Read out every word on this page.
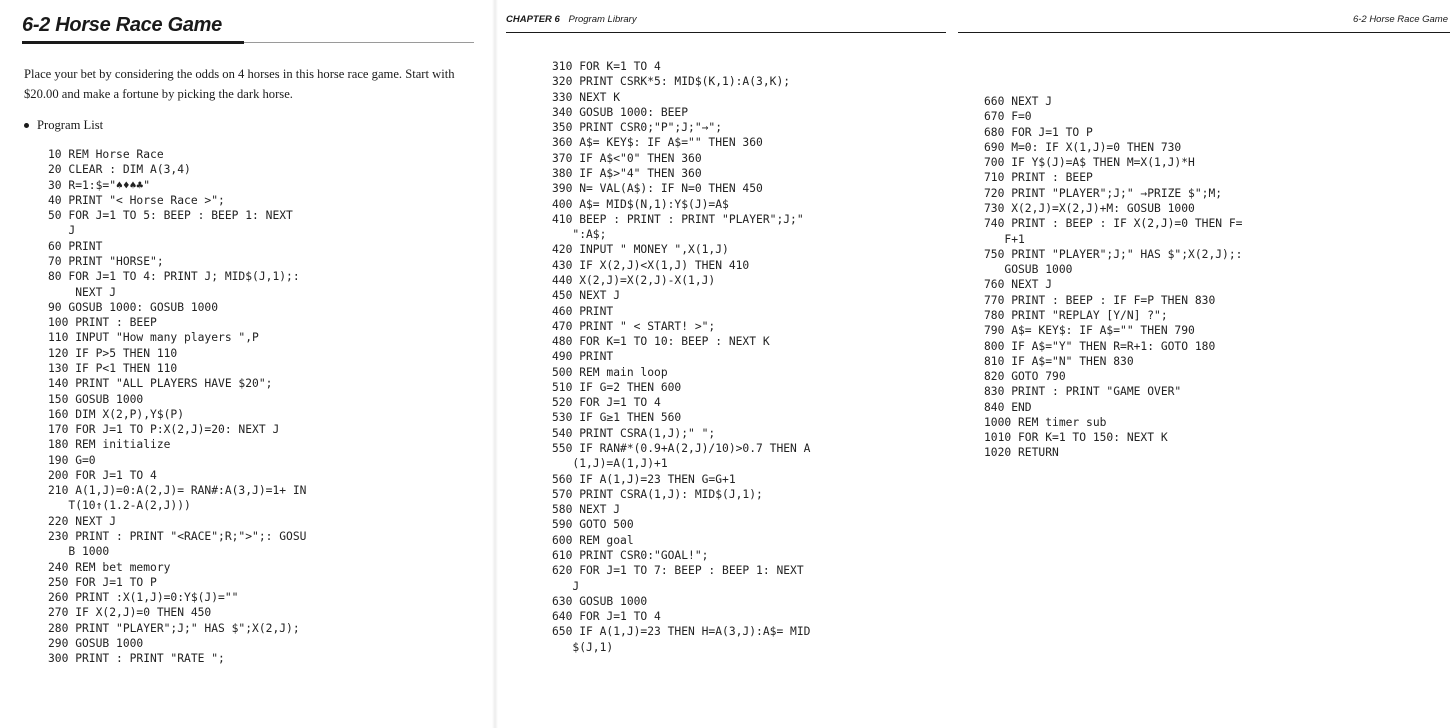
6-2 Horse Race Game

Place your bet by considering the odds on 4 horses in this horse race game. Start with $20.00 and make a fortune by picking the dark horse.

Program List
10 REM Horse Race
20 CLEAR : DIM A(3,4)
30 R=1:$="♠♦♠♣"
40 PRINT "< Horse Race >";
50 FOR J=1 TO 5: BEEP : BEEP 1: NEXT
J
60 PRINT
70 PRINT "HORSE";
80 FOR J=1 TO 4: PRINT J; MID$(J,1);:
NEXT J
90 GOSUB 1000: GOSUB 1000
100 PRINT : BEEP
110 INPUT "How many players ",P
120 IF P>5 THEN 110
130 IF P<1 THEN 110
140 PRINT "ALL PLAYERS HAVE $20";
150 GOSUB 1000
160 DIM X(2,P),Y$(P)
170 FOR J=1 TO P:X(2,J)=20: NEXT J
180 REM initialize
190 G=0
200 FOR J=1 TO 4
210 A(1,J)=0:A(2,J)= RAN#:A(3,J)=1+ IN
T(10↑(1.2-A(2,J)))
220 NEXT J
230 PRINT : PRINT "<RACE";R;">";: GOSU
B 1000
240 REM bet memory
250 FOR J=1 TO P
260 PRINT :X(1,J)=0:Y$(J)=""
270 IF X(2,J)=0 THEN 450
280 PRINT "PLAYER";J;" HAS $";X(2,J);
290 GOSUB 1000
300 PRINT : PRINT "RATE ";
CHAPTER 6 Program Library	6-2 Horse Race Game
310 FOR K=1 TO 4
320 PRINT CSRK*5: MID$(K,1):A(3,K);
330 NEXT K
340 GOSUB 1000: BEEP
350 PRINT CSR0;"P";J;"→";
360 A$= KEY$: IF A$="" THEN 360
370 IF A$<"0" THEN 360
380 IF A$>"4" THEN 360
390 N= VAL(A$): IF N=0 THEN 450
400 A$= MID$(N,1):Y$(J)=A$
410 BEEP : PRINT : PRINT "PLAYER";J;"
":A$;
420 INPUT " MONEY ",X(1,J)
430 IF X(2,J)<X(1,J) THEN 410
440 X(2,J)=X(2,J)-X(1,J)
450 NEXT J
460 PRINT
470 PRINT " < START! >";
480 FOR K=1 TO 10: BEEP : NEXT K
490 PRINT
500 REM main loop
510 IF G=2 THEN 600
520 FOR J=1 TO 4
530 IF G≥1 THEN 560
540 PRINT CSRA(1,J);" ";
550 IF RAN#*(0.9+A(2,J)/10)>0.7 THEN A
(1,J)=A(1,J)+1
560 IF A(1,J)=23 THEN G=G+1
570 PRINT CSRA(1,J): MID$(J,1);
580 NEXT J
590 GOTO 500
600 REM goal
610 PRINT CSR0:"GOAL!";
620 FOR J=1 TO 7: BEEP : BEEP 1: NEXT
J
630 GOSUB 1000
640 FOR J=1 TO 4
650 IF A(1,J)=23 THEN H=A(3,J):A$= MID
$(J,1)
660 NEXT J
670 F=0
680 FOR J=1 TO P
690 M=0: IF X(1,J)=0 THEN 730
700 IF Y$(J)=A$ THEN M=X(1,J)*H
710 PRINT : BEEP
720 PRINT "PLAYER";J;" →PRIZE $";M;
730 X(2,J)=X(2,J)+M: GOSUB 1000
740 PRINT : BEEP : IF X(2,J)=0 THEN F=
F+1
750 PRINT "PLAYER";J;" HAS $";X(2,J);:
GOSUB 1000
760 NEXT J
770 PRINT : BEEP : IF F=P THEN 830
780 PRINT "REPLAY [Y/N] ?";
790 A$= KEY$: IF A$="" THEN 790
800 IF A$="Y" THEN R=R+1: GOTO 180
810 IF A$="N" THEN 830
820 GOTO 790
830 PRINT : PRINT "GAME OVER"
840 END
1000 REM timer sub
1010 FOR K=1 TO 150: NEXT K
1020 RETURN
